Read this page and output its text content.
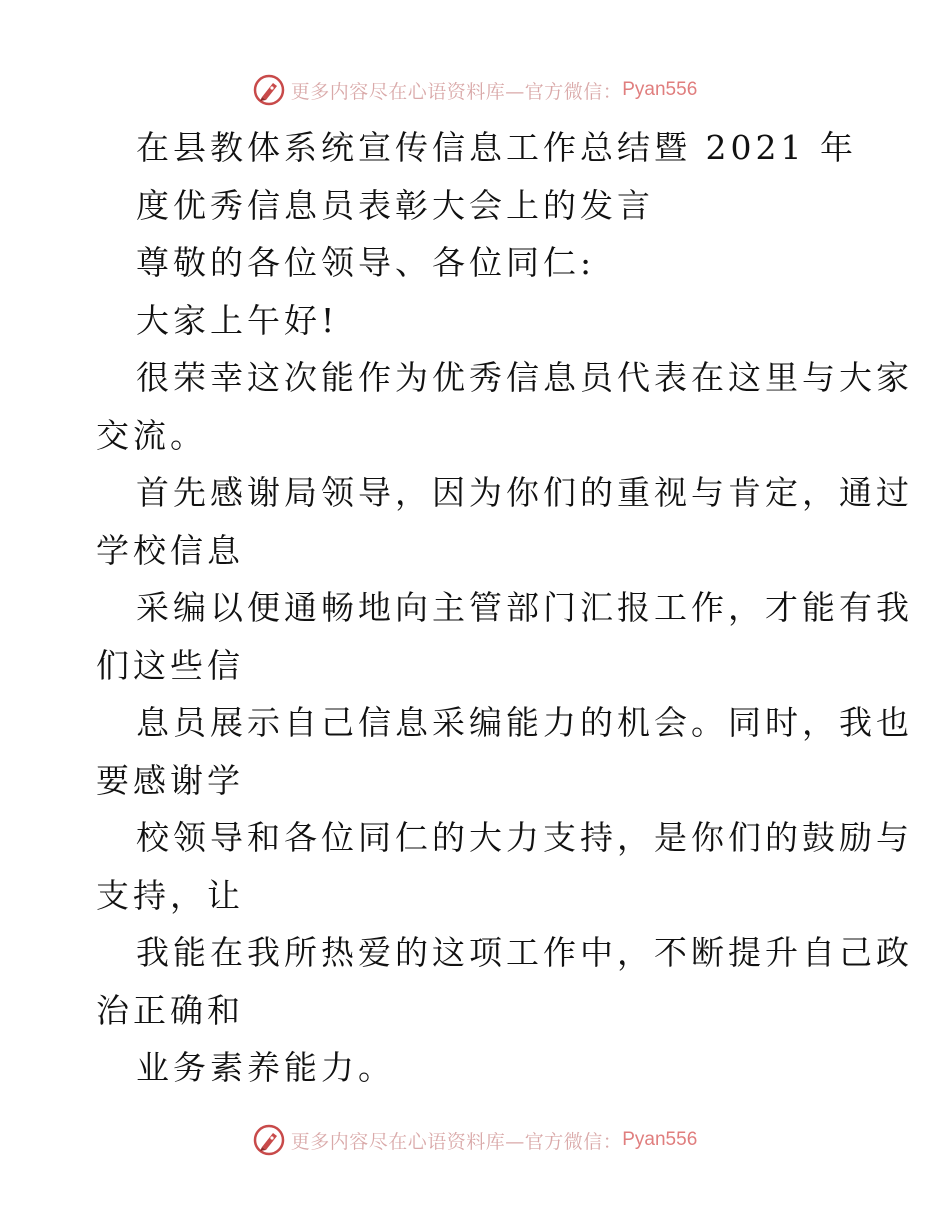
更多内容尽在心语资料库—官方微信： Pyan556
在县教体系统宣传信息工作总结暨 2021 年
度优秀信息员表彰大会上的发言
尊敬的各位领导、各位同仁:
大家上午好!
很荣幸这次能作为优秀信息员代表在这里与大家
交流。
首先感谢局领导，因为你们的重视与肯定，通过
学校信息
采编以便通畅地向主管部门汇报工作，才能有我
们这些信
息员展示自己信息采编能力的机会。同时，我也
要感谢学
校领导和各位同仁的大力支持，是你们的鼓励与
支持，让
我能在我所热爱的这项工作中，不断提升自己政
治正确和
业务素养能力。
更多内容尽在心语资料库—官方微信： Pyan556
